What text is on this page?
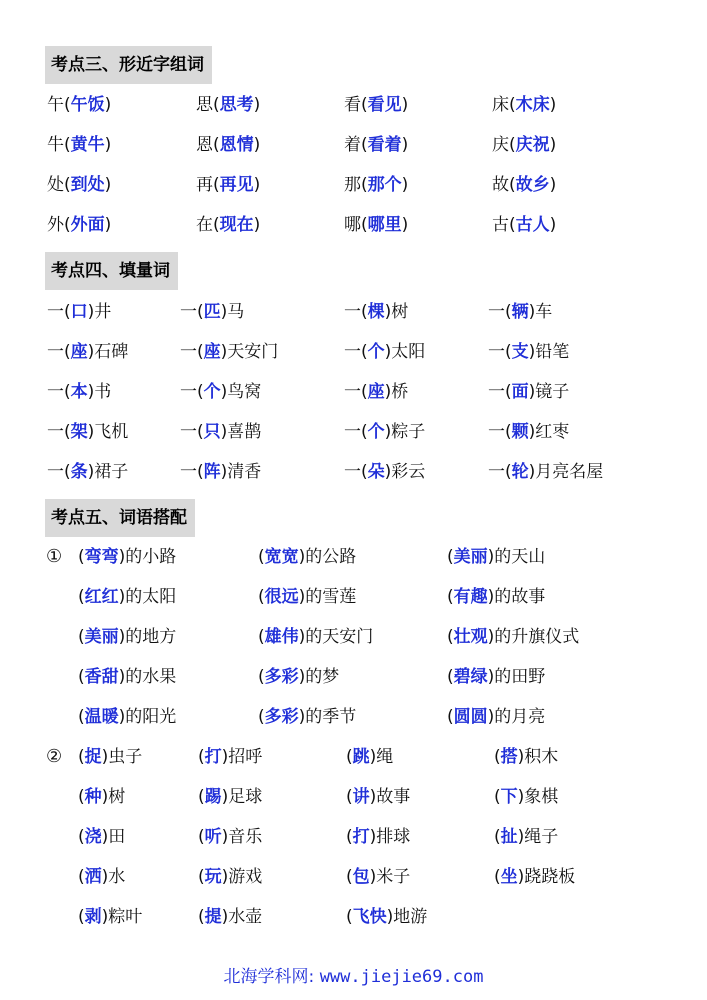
考点三、形近字组词
考点四、填量词
考点五、词语搭配
午(午饭)	思(思考)	看(看见)	床(木床)
牛(黄牛)	恩(恩情)	着(看着)	庆(庆祝)
处(到处)	再(再见)	那(那个)	故(故乡)
外(外面)	在(现在)	哪(哪里)	古(古人)
一(口)井	一(匹)马	一(棵)树	一(辆)车
一(座)石碑	一(座)天安门	一(个)太阳	一(支)铅笔
一(本)书	一(个)鸟窝	一(座)桥	一(面)镜子
一(架)飞机	一(只)喜鹊	一(个)粽子	一(颗)红枣
一(条)裙子	一(阵)清香	一(朵)彩云	一(轮)月亮名屋
① (弯弯)的小路	(宽宽)的公路	(美丽)的天山
(红红)的太阳	(很远)的雪莲	(有趣)的故事
(美丽)的地方	(雄伟)的天安门	(壮观)的升旗仪式
(香甜)的水果	(多彩)的梦	(碧绿)的田野
(温暖)的阳光	(多彩)的季节	(圆圆)的月亮
② (捉)虫子	(打)招呼	(跳)绳	(搭)积木
(种)树	(踢)足球	(讲)故事	(下)象棋
(浇)田	(听)音乐	(打)排球	(扯)绳子
(洒)水	(玩)游戏	(包)米子	(坐)跷跷板
(剥)粽叶	(提)水壶	(飞快)地游
北海学科网: www.jiejie69.com
